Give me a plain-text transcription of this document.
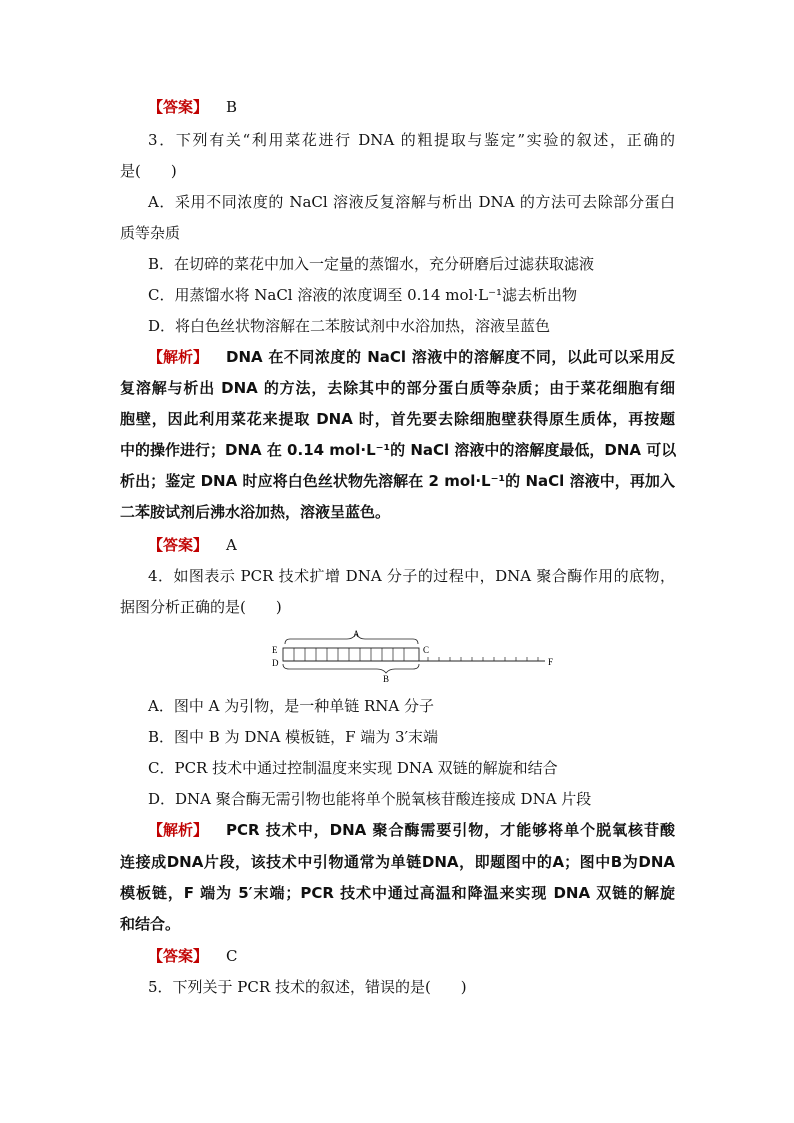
【答案】 B
3．下列有关“利用菜花进行 DNA 的粗提取与鉴定”实验的叙述，正确的
是(　　)
A．采用不同浓度的 NaCl 溶液反复溶解与析出 DNA 的方法可去除部分蛋白
质等杂质
B．在切碎的菜花中加入一定量的蒸馏水，充分研磨后过滤获取滤液
C．用蒸馏水将 NaCl 溶液的浓度调至 0.14 mol·L⁻¹滤去析出物
D．将白色丝状物溶解在二苯胺试剂中水浴加热，溶液呈蓝色
【解析】 DNA 在不同浓度的 NaCl 溶液中的溶解度不同，以此可以采用反
复溶解与析出 DNA 的方法，去除其中的部分蛋白质等杂质；由于菜花细胞有细
胞壁，因此利用菜花来提取 DNA 时，首先要去除细胞壁获得原生质体，再按题
中的操作进行；DNA 在 0.14 mol·L⁻¹的 NaCl 溶液中的溶解度最低，DNA 可以
析出；鉴定 DNA 时应将白色丝状物先溶解在 2 mol·L⁻¹的 NaCl 溶液中，再加入
二苯胺试剂后沸水浴加热，溶液呈蓝色。
【答案】 A
4．如图表示 PCR 技术扩增 DNA 分子的过程中，DNA 聚合酶作用的底物，
据图分析正确的是(　　)
A
E
D
C
F
B
A．图中 A 为引物，是一种单链 RNA 分子
B．图中 B 为 DNA 模板链，F 端为 3′末端
C．PCR 技术中通过控制温度来实现 DNA 双链的解旋和结合
D．DNA 聚合酶无需引物也能将单个脱氧核苷酸连接成 DNA 片段
【解析】 PCR 技术中，DNA 聚合酶需要引物，才能够将单个脱氧核苷酸
连接成DNA片段，该技术中引物通常为单链DNA，即题图中的A；图中B为DNA
模板链，F 端为 5′末端；PCR 技术中通过高温和降温来实现 DNA 双链的解旋
和结合。
【答案】 C
5．下列关于 PCR 技术的叙述，错误的是(　　)
